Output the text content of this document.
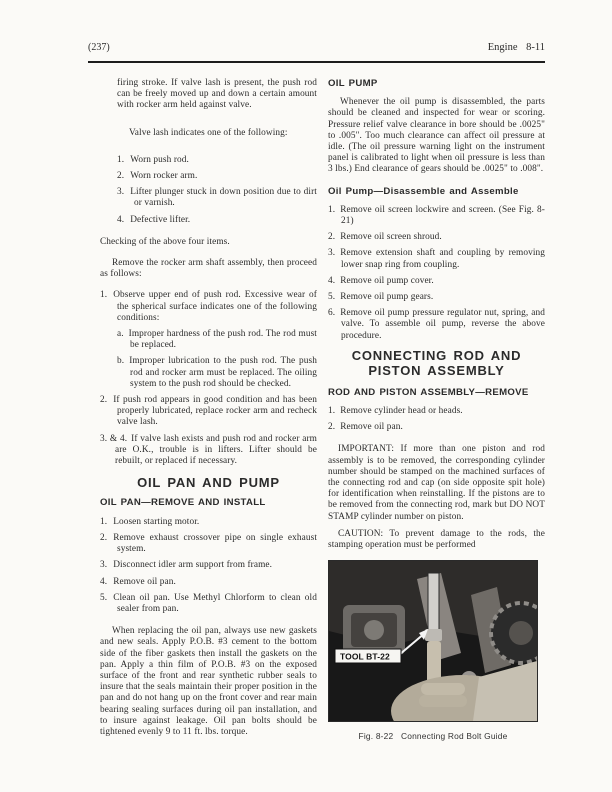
(237)	Engine 8-11

firing stroke. If valve lash is present, the push rod can be freely moved up and down a certain amount with rocker arm held against valve.

Valve lash indicates one of the following:

1. Worn push rod.
2. Worn rocker arm.
3. Lifter plunger stuck in down position due to dirt or varnish.
4. Defective lifter.

Checking of the above four items.

Remove the rocker arm shaft assembly, then proceed as follows:

1. Observe upper end of push rod. Excessive wear of the spherical surface indicates one of the following conditions:
a. Improper hardness of the push rod. The rod must be replaced.
b. Improper lubrication to the push rod. The push rod and rocker arm must be replaced. The oiling system to the push rod should be checked.
2. If push rod appears in good condition and has been properly lubricated, replace rocker arm and recheck valve lash.
3. & 4. If valve lash exists and push rod and rocker arm are O.K., trouble is in lifters. Lifter should be rebuilt, or replaced if necessary.
OIL PAN AND PUMP
OIL PAN—REMOVE AND INSTALL
1. Loosen starting motor.
2. Remove exhaust crossover pipe on single exhaust system.
3. Disconnect idler arm support from frame.
4. Remove oil pan.
5. Clean oil pan. Use Methyl Chlorform to clean old sealer from pan.

When replacing the oil pan, always use new gaskets and new seals. Apply P.O.B. #3 cement to the bottom side of the fiber gaskets then install the gaskets on the pan. Apply a thin film of P.O.B. #3 on the exposed surface of the front and rear synthetic rubber seals to insure that the seals maintain their proper position in the pan and do not hang up on the front cover and rear main bearing sealing surfaces during oil pan installation, and to insure against leakage. Oil pan bolts should be tightened evenly 9 to 11 ft. lbs. torque.

OIL PUMP

Whenever the oil pump is disassembled, the parts should be cleaned and inspected for wear or scoring. Pressure relief valve clearance in bore should be .0025" to .005". Too much clearance can affect oil pressure at idle. (The oil pressure warning light on the instrument panel is calibrated to light when oil pressure is less than 3 lbs.) End clearance of gears should be .0025" to .008".

Oil Pump—Disassemble and Assemble
1. Remove oil screen lockwire and screen. (See Fig. 8-21)
2. Remove oil screen shroud.
3. Remove extension shaft and coupling by removing lower snap ring from coupling.
4. Remove oil pump cover.
5. Remove oil pump gears.
6. Remove oil pump pressure regulator nut, spring, and valve. To assemble oil pump, reverse the above procedure.
CONNECTING ROD AND
PISTON ASSEMBLY
ROD AND PISTON ASSEMBLY—REMOVE
1. Remove cylinder head or heads.
2. Remove oil pan.

IMPORTANT: If more than one piston and rod assembly is to be removed, the corresponding cylinder number should be stamped on the machined surfaces of the connecting rod and cap (on side opposite spit hole) for identification when reinstalling. If the pistons are to be removed from the connecting rod, mark but DO NOT STAMP cylinder number on piston.

CAUTION: To prevent damage to the rods, the stamping operation must be performed

TOOL BT-22
Fig. 8-22   Connecting Rod Bolt Guide
